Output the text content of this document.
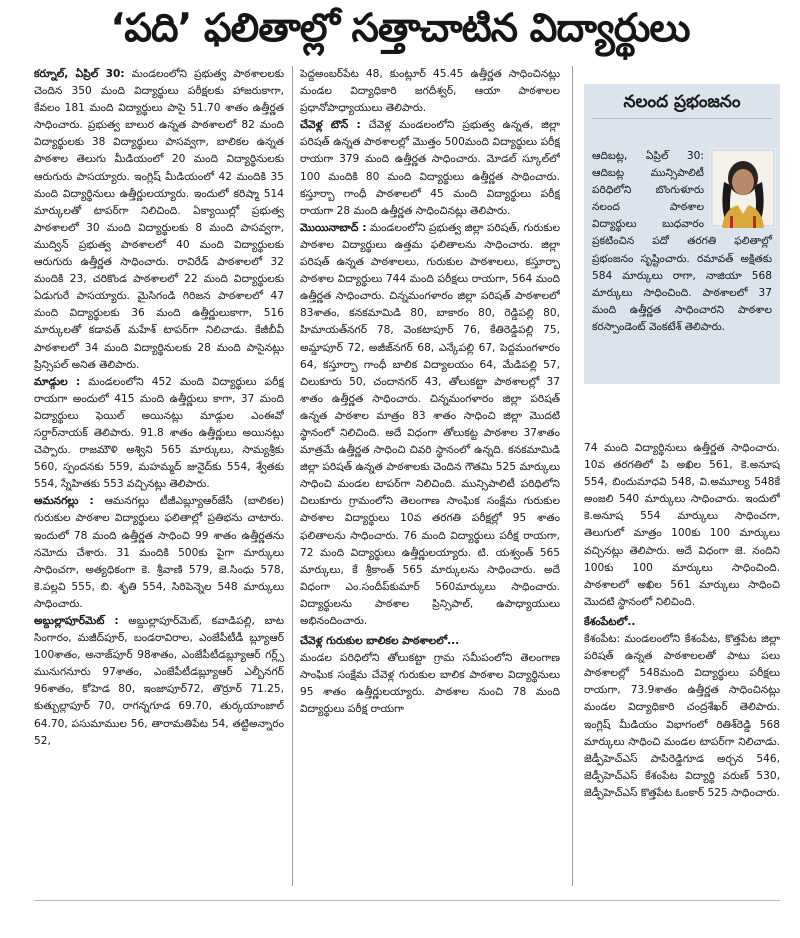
‘పది’ ఫలితాల్లో సత్తాచాటిన విద్యార్థులు

కర్నూల్, ఏప్రిల్ 30: మండలంలోని ప్రభుత్వ పాఠశాలలకు చెందిన 350 మంది విద్యార్థులు పరీక్షలకు హాజరుకాగా, కేవలం 181 మంది విద్యార్థులు పాసై 51.70 శాతం ఉత్తీర్ణత సాధించారు. ప్రభుత్వ బాలుర ఉన్నత పాఠశాలలో 82 మంది విద్యార్థులకు 38 విద్యార్థులు పాసవ్వగా, బాలికల ఉన్నత పాఠశాల తెలుగు మీడియంలో 20 మంది విద్యార్థినులకు ఆరుగురు పాసయ్యారు. ఇంగ్లిష్ మీడియంలో 42 మందికి 35 మంది విద్యార్థినులు ఉత్తీర్ణులయ్యారు. ఇందులో కరిష్మా 514 మార్కులతో టాపర్‌గా నిలిచింది. ఏక్యాయిల్లో ప్రభుత్వ పాఠశాలలో 30 మంది విద్యార్థులకు 8 మంది పాసవ్వగా, ముద్విన్ ప్రభుత్వ పాఠశాలలో 40 మంది విద్యార్థులకు ఆరుగురు ఉత్తీర్ణత సాధించారు. రావిరేడ్ పాఠశాలలో 32 మందికి 23, చరికొండ పాఠశాలలో 22 మంది విద్యార్థులకు ఏడుగురే పాసయ్యారు. మైసిగండి గిరిజన పాఠశాలలో 47 మంది విద్యార్థులకు 36 మంది ఉత్తీర్ణులుకాగా, 516 మార్కులతో కడావత్ మహేశ్ టాపర్‌గా నిలిచాడు. కేజీబీవీ పాఠశాలలో 34 మంది విద్యార్థినులకు 28 మంది పాసైనట్లు ప్రిన్సిపల్ అనిత తెలిపారు.

మాడ్గుల : మండలంలోని 452 మంది విద్యార్థులు పరీక్ష రాయగా అందులో 415 మంది ఉత్తీర్ణులు కాగా, 37 మంది విద్యార్థులు ఫెయిల్ అయినట్లు మాడ్గుల ఎంఈవో సర్దార్‌నాయక్ తెలిపారు. 91.8 శాతం ఉత్తీర్ణులు అయినట్లు చెప్పారు. రాజమౌళి అశ్విని 565 మార్కులు, సామ్యశ్రీకు 560, స్పందనకు 559, మహమ్మద్ జునైద్‌కు 554, శ్వేతకు 554, స్నేహితకు 553 వచ్చినట్లు తెలిపారు.

ఆమనగల్లు : ఆమనగల్లు టీజీఎబ్ల్యూఆర్‌జేసీ (బాలికల) గురుకుల పాఠశాల విద్యార్థులు ఫలితాల్లో ప్రతిభను చాటారు. ఇందులో 78 మంది ఉత్తీర్ణత సాధించి 99 శాతం ఉత్తీర్ణతను నమోదు చేశారు. 31 మందికి 500కు పైగా మార్కులు సాధించగా, అత్యధికంగా కె. శ్రీవాణి 579, జె.సింధు 578, కె.పల్లవి 555, బి. శృతి 554, సిరిపెన్నెల 548 మార్కులు సాధించారు.

అబ్దుల్లాపూర్‌మెట్ : అబ్దుల్లాపూర్‌మెట్, కవాడిపల్లి, బాట సింగారం, మజీద్‌పూర్, బండరావిరాల, ఎంజేపీటీడీ బ్ల్యూఆర్ 100శాతం, అనాజ్‌పూర్ 98శాతం, ఎంజేపీటీడబ్ల్యూఆర్ గర్ల్స్ మునుగనూరు 97శాతం, ఎంజేపీటీడబ్ల్యూఆర్ ఎల్బీనగర్ 96శాతం, కోహెడ 80, ఇంజాపూర్72, తొర్రూర్ 71.25, కుత్బుల్లాపూర్ 70, రాగన్నగూడ 69.70, తుర్కయాంజాల్ 64.70, పసుమాముల 56, తారామతిపేట 54, తట్టిఅన్నారం 52,

పెద్దఅంబర్‌పేట 48, కుంట్లూర్ 45.45 ఉత్తీర్ణత సాధించినట్లు మండల విద్యాధికారి జగదీశ్వర్, ఆయా పాఠశాలల ప్రధానోపాధ్యాయులు తెలిపారు.

చేవెళ్ల టౌన్ : చేవెళ్ల మండలంలోని ప్రభుత్వ ఉన్నత, జిల్లా పరిషత్ ఉన్నత పాఠశాలల్లో మొత్తం 500మంది విద్యార్థులు పరీక్ష రాయగా 379 మంది ఉత్తీర్ణత సాధించారు. మోడల్ స్కూల్‌లో 100 మందికి 80 మంది విద్యార్థులు ఉత్తీర్ణత సాధించారు. కస్తూర్బా గాంధీ పాఠశాలలో 45 మంది విద్యార్థులు పరీక్ష రాయగా 28 మంది ఉత్తీర్ణత సాధించినట్లు తెలిపారు.

మొయినాబాద్ : మండలంలోని ప్రభుత్వ జిల్లా పరిషత్, గురుకుల పాఠశాల విద్యార్థులు ఉత్తమ ఫలితాలను సాధించారు. జిల్లా పరిషత్ ఉన్నత పాఠశాలలు, గురుకుల పాఠశాలలు, కస్తూర్బా పాఠశాల విద్యార్థులు 744 మంది పరీక్షలు రాయగా, 564 మంది ఉత్తీర్ణత సాధించారు. చిన్నమంగళారం జిల్లా పరిషత్ పాఠశాలలో 83శాతం, కనకమామిడి 80, బాకారం 80, రెడ్డిపల్లి 80, హిమాయత్‌నగర్ 78, వెంకటాపూర్ 76, కేతిరెడ్డిపల్లి 75, అమ్డాపూర్ 72, అజీజ్‌నగర్ 68, ఎన్కేపల్లి 67, పెద్దమంగళారం 64, కస్తూర్బా గాంధీ బాలిక విద్యాలయం 64, మేడిపల్లి 57, చిలుకూరు 50, చందానగర్ 43, తోలుకట్టా పాఠశాలల్లో 37 శాతం ఉత్తీర్ణత సాధించారు. చిన్నమంగళారం జిల్లా పరిషత్ ఉన్నత పాఠశాల మాత్రం 83 శాతం సాధించి జిల్లా మొదటి స్థానంలో నిలిచింది. అదే విధంగా తోలుకట్ట పాఠశాల 37శాతం మాత్రమే ఉత్తీర్ణత సాధించి చివరి స్థానంలో ఉన్నది. కనకమామిడి జిల్లా పరిషత్ ఉన్నత పాఠశాలకు చెందిన గౌతమి 525 మార్కులు సాధించి మండల టాపర్‌గా నిలిచింది. మున్సిపాలిటీ పరిధిలోని చిలుకూరు గ్రామంలోని తెలంగాణ సాంఘిక సంక్షేమ గురుకుల పాఠశాల విద్యార్థులు 10వ తరగతి పరీక్షల్లో 95 శాతం ఫలితాలను సాధించారు. 76 మంది విద్యార్థులు పరీక్ష రాయగా, 72 మంది విద్యార్థులు ఉత్తీర్ణులయ్యారు. టి. యశ్వంత్ 565 మార్కులు, కే శ్రీకాంత్ 565 మార్కులను సాధించారు. అదే విధంగా ఎం.సందీప్‌కుమార్ 560మార్కులు సాధించారు. విద్యార్థులను పాఠశాల ప్రిన్సిపాల్, ఉపాధ్యాయులు అభినందించారు.

చేవెళ్ల గురుకుల బాలికల పాఠశాలలో...

మండల పరిధిలోని తోలుకట్టా గ్రామ సమీపంలోని తెలంగాణ సాంఘిక సంక్షేమ చేవెళ్ల గురుకుల బాలిక పాఠశాల విద్యార్థినులు 95 శాతం ఉత్తీర్ణులయ్యారు. పాఠశాల నుంచి 78 మంది విద్యార్థులు పరీక్ష రాయగా

నలంద ప్రభంజనం
ఆదిబట్ల, ఏప్రిల్ 30: ఆదిబట్ల మున్సిపాలిటీ పరిధిలోని బొంగుళూరు నలంద పాఠశాల విద్యార్థులు బుధవారం ప్రకటించిన పదో తరగతి ఫలితాల్లో ప్రభంజనం సృష్టించారు. రమావత్ అక్షితకు 584 మార్కులు రాగా, నాజియా 568 మార్కులు సాధించింది. పాఠశాలలో 37 మంది ఉత్తీర్ణత సాధించారని పాఠశాల కరస్పాండెంట్ వెంకటేశ్ తెలిపారు.

74 మంది విద్యార్థినులు ఉత్తీర్ణత సాధించారు. 10వ తరగతిలో పి అఖిల 561, కె.అనూష 554, బిందుమాధవి 548, వి.అమూల్య 548కే అంజలి 540 మార్కులు సాధించారు. ఇందులో కె.అనూష 554 మార్కులు సాధించగా, తెలుగులో మాత్రం 100కు 100 మార్కులు వచ్చినట్లు తెలిపారు. అదే విధంగా జె. నందిని 100కు 100 మార్కులు సాధించింది. పాఠశాలలో అఖిల 561 మార్కులు సాధించి మొదటి స్థానంలో నిలిచింది.

కేశంపేటలో..

కేశంపేట: మండలంలోని కేశంపేట, కొత్తపేట జిల్లా పరిషత్ ఉన్నత పాఠశాలలతో పాటు పలు పాఠశాలల్లో 548మంది విద్యార్థులు పరీక్షలు రాయగా, 73.9శాతం ఉత్తీర్ణత సాధించినట్లు మండల విద్యాధికారి చంద్రశేఖర్ తెలిపారు. ఇంగ్లిష్ మీడియం విభాగంలో రితిశ్‌రెడ్డి 568 మార్కులు సాధించి మండల టాపర్‌గా నిలిచాడు. జెడ్పీహెచ్‌ఎస్ పాపిరెడ్డిగూడ అర్చన 546, జెడ్పీహెచ్‌ఎస్ కేశంపేట విద్యార్థి వరుణ్ 530, జెడ్పీహెచ్‌ఎస్ కొత్తపేట ఓంకార్ 525 సాధించారు.
